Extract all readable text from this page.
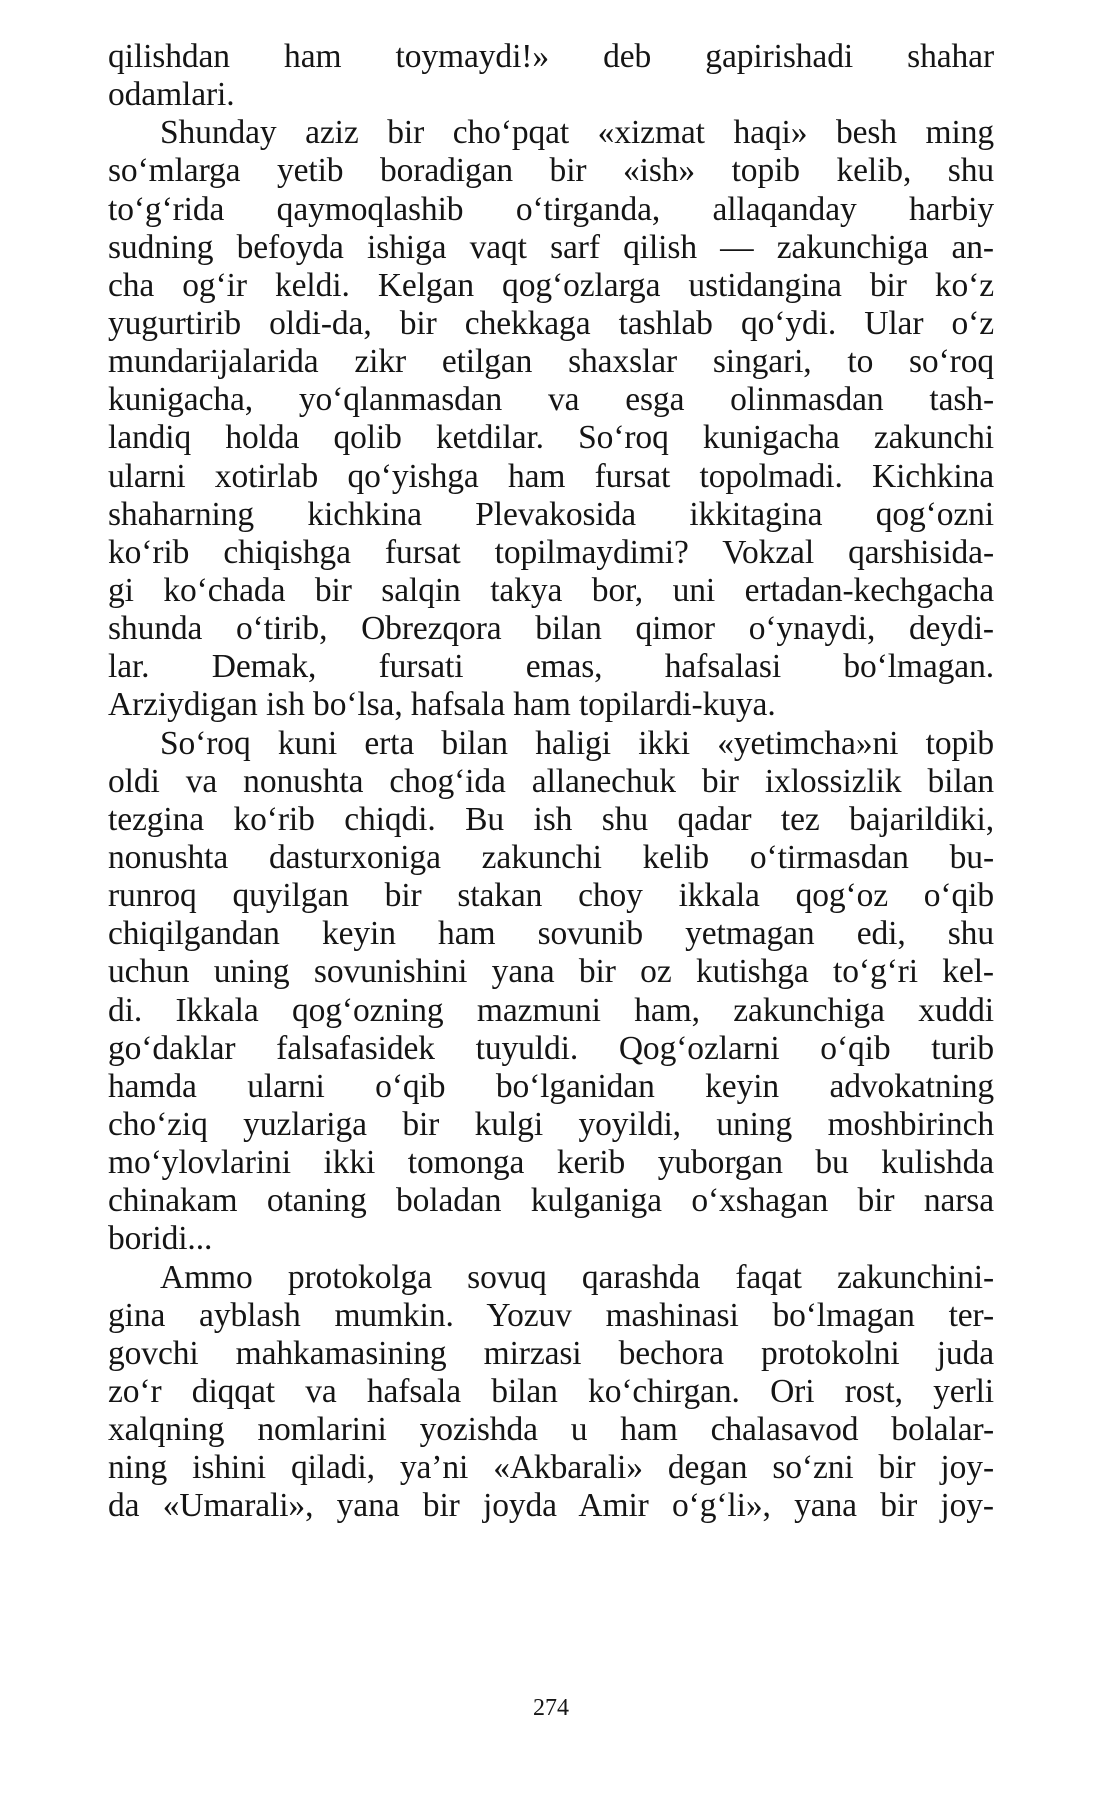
qilishdan ham toymaydi!» deb gapirishadi shahar
odamlari.
Shunday aziz bir cho‘pqat «xizmat haqi» besh ming
so‘mlarga yetib boradigan bir «ish» topib kelib, shu
to‘g‘rida qaymoqlashib o‘tirganda, allaqanday harbiy
sudning befoyda ishiga vaqt sarf qilish — zakunchiga an-
cha og‘ir keldi. Kelgan qog‘ozlarga ustidangina bir ko‘z
yugurtirib oldi-da, bir chekkaga tashlab qo‘ydi. Ular o‘z
mundarijalarida zikr etilgan shaxslar singari, to so‘roq
kunigacha, yo‘qlanmasdan va esga olinmasdan tash-
landiq holda qolib ketdilar. So‘roq kunigacha zakunchi
ularni xotirlab qo‘yishga ham fursat topolmadi. Kichkina
shaharning kichkina Plevakosida ikkitagina qog‘ozni
ko‘rib chiqishga fursat topilmaydimi? Vokzal qarshisida-
gi ko‘chada bir salqin takya bor, uni ertadan-kechgacha
shunda o‘tirib, Obrezqora bilan qimor o‘ynaydi, deydi-
lar. Demak, fursati emas, hafsalasi bo‘lmagan.
Arziydigan ish bo‘lsa, hafsala ham topilardi-kuya.
So‘roq kuni erta bilan haligi ikki «yetimcha»ni topib
oldi va nonushta chog‘ida allanechuk bir ixlossizlik bilan
tezgina ko‘rib chiqdi. Bu ish shu qadar tez bajarildiki,
nonushta dasturxoniga zakunchi kelib o‘tirmasdan bu-
runroq quyilgan bir stakan choy ikkala qog‘oz o‘qib
chiqilgandan keyin ham sovunib yetmagan edi, shu
uchun uning sovunishini yana bir oz kutishga to‘g‘ri kel-
di. Ikkala qog‘ozning mazmuni ham, zakunchiga xuddi
go‘daklar falsafasidek tuyuldi. Qog‘ozlarni o‘qib turib
hamda ularni o‘qib bo‘lganidan keyin advokatning
cho‘ziq yuzlariga bir kulgi yoyildi, uning moshbirinch
mo‘ylovlarini ikki tomonga kerib yuborgan bu kulishda
chinakam otaning boladan kulganiga o‘xshagan bir narsa
boridi...
Ammo protokolga sovuq qarashda faqat zakunchini-
gina ayblash mumkin. Yozuv mashinasi bo‘lmagan ter-
govchi mahkamasining mirzasi bechora protokolni juda
zo‘r diqqat va hafsala bilan ko‘chirgan. Ori rost, yerli
xalqning nomlarini yozishda u ham chalasavod bolalar-
ning ishini qiladi, ya’ni «Akbarali» degan so‘zni bir joy-
da «Umarali», yana bir joyda Amir o‘g‘li», yana bir joy-
274
